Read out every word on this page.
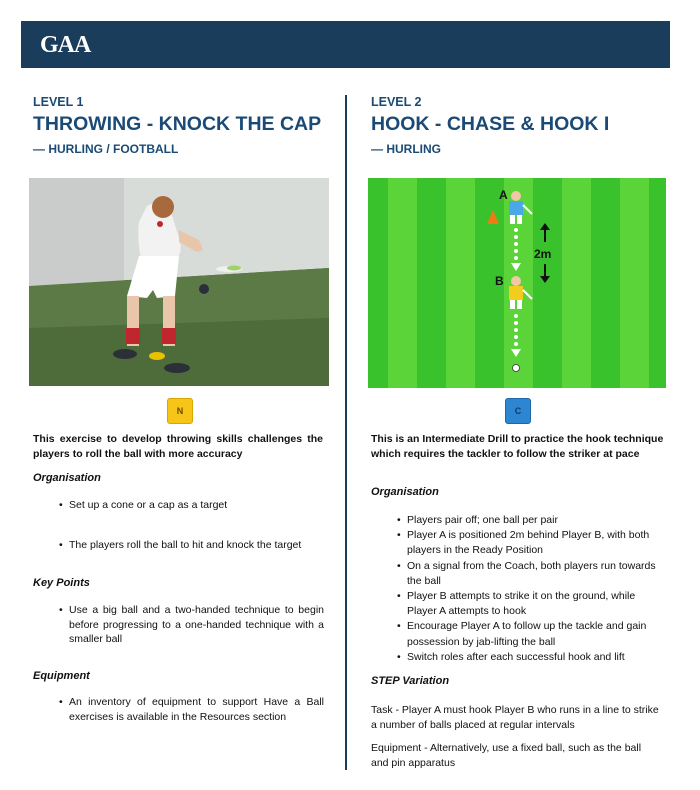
GAA
LEVEL 1
THROWING - KNOCK THE CAP
— HURLING / FOOTBALL
N
This exercise to develop throwing skills challenges the players to roll the ball with more accuracy
Organisation
• Set up a cone or a cap as a target
• The players roll the ball to hit and knock the target
Key Points
• Use a big ball and a two-handed technique to begin before progressing to a one-handed technique with a smaller ball
Equipment
• An inventory of equipment to support Have a Ball exercises is available in the Resources section
LEVEL 2
HOOK - CHASE & HOOK I
— HURLING
A
B
2m
C
This is an Intermediate Drill to practice the hook technique which requires the tackler to follow the striker at pace
Organisation
• Players pair off; one ball per pair
• Player A is positioned 2m behind Player B, with both players in the Ready Position
• On a signal from the Coach, both players run towards the ball
• Player B attempts to strike it on the ground, while Player A attempts to hook
• Encourage Player A to follow up the tackle and gain possession by jab-lifting the ball
• Switch roles after each successful hook and lift
STEP Variation
Task - Player A must hook Player B who runs in a line to strike a number of balls placed at regular intervals
Equipment - Alternatively, use a fixed ball, such as the ball and pin apparatus
